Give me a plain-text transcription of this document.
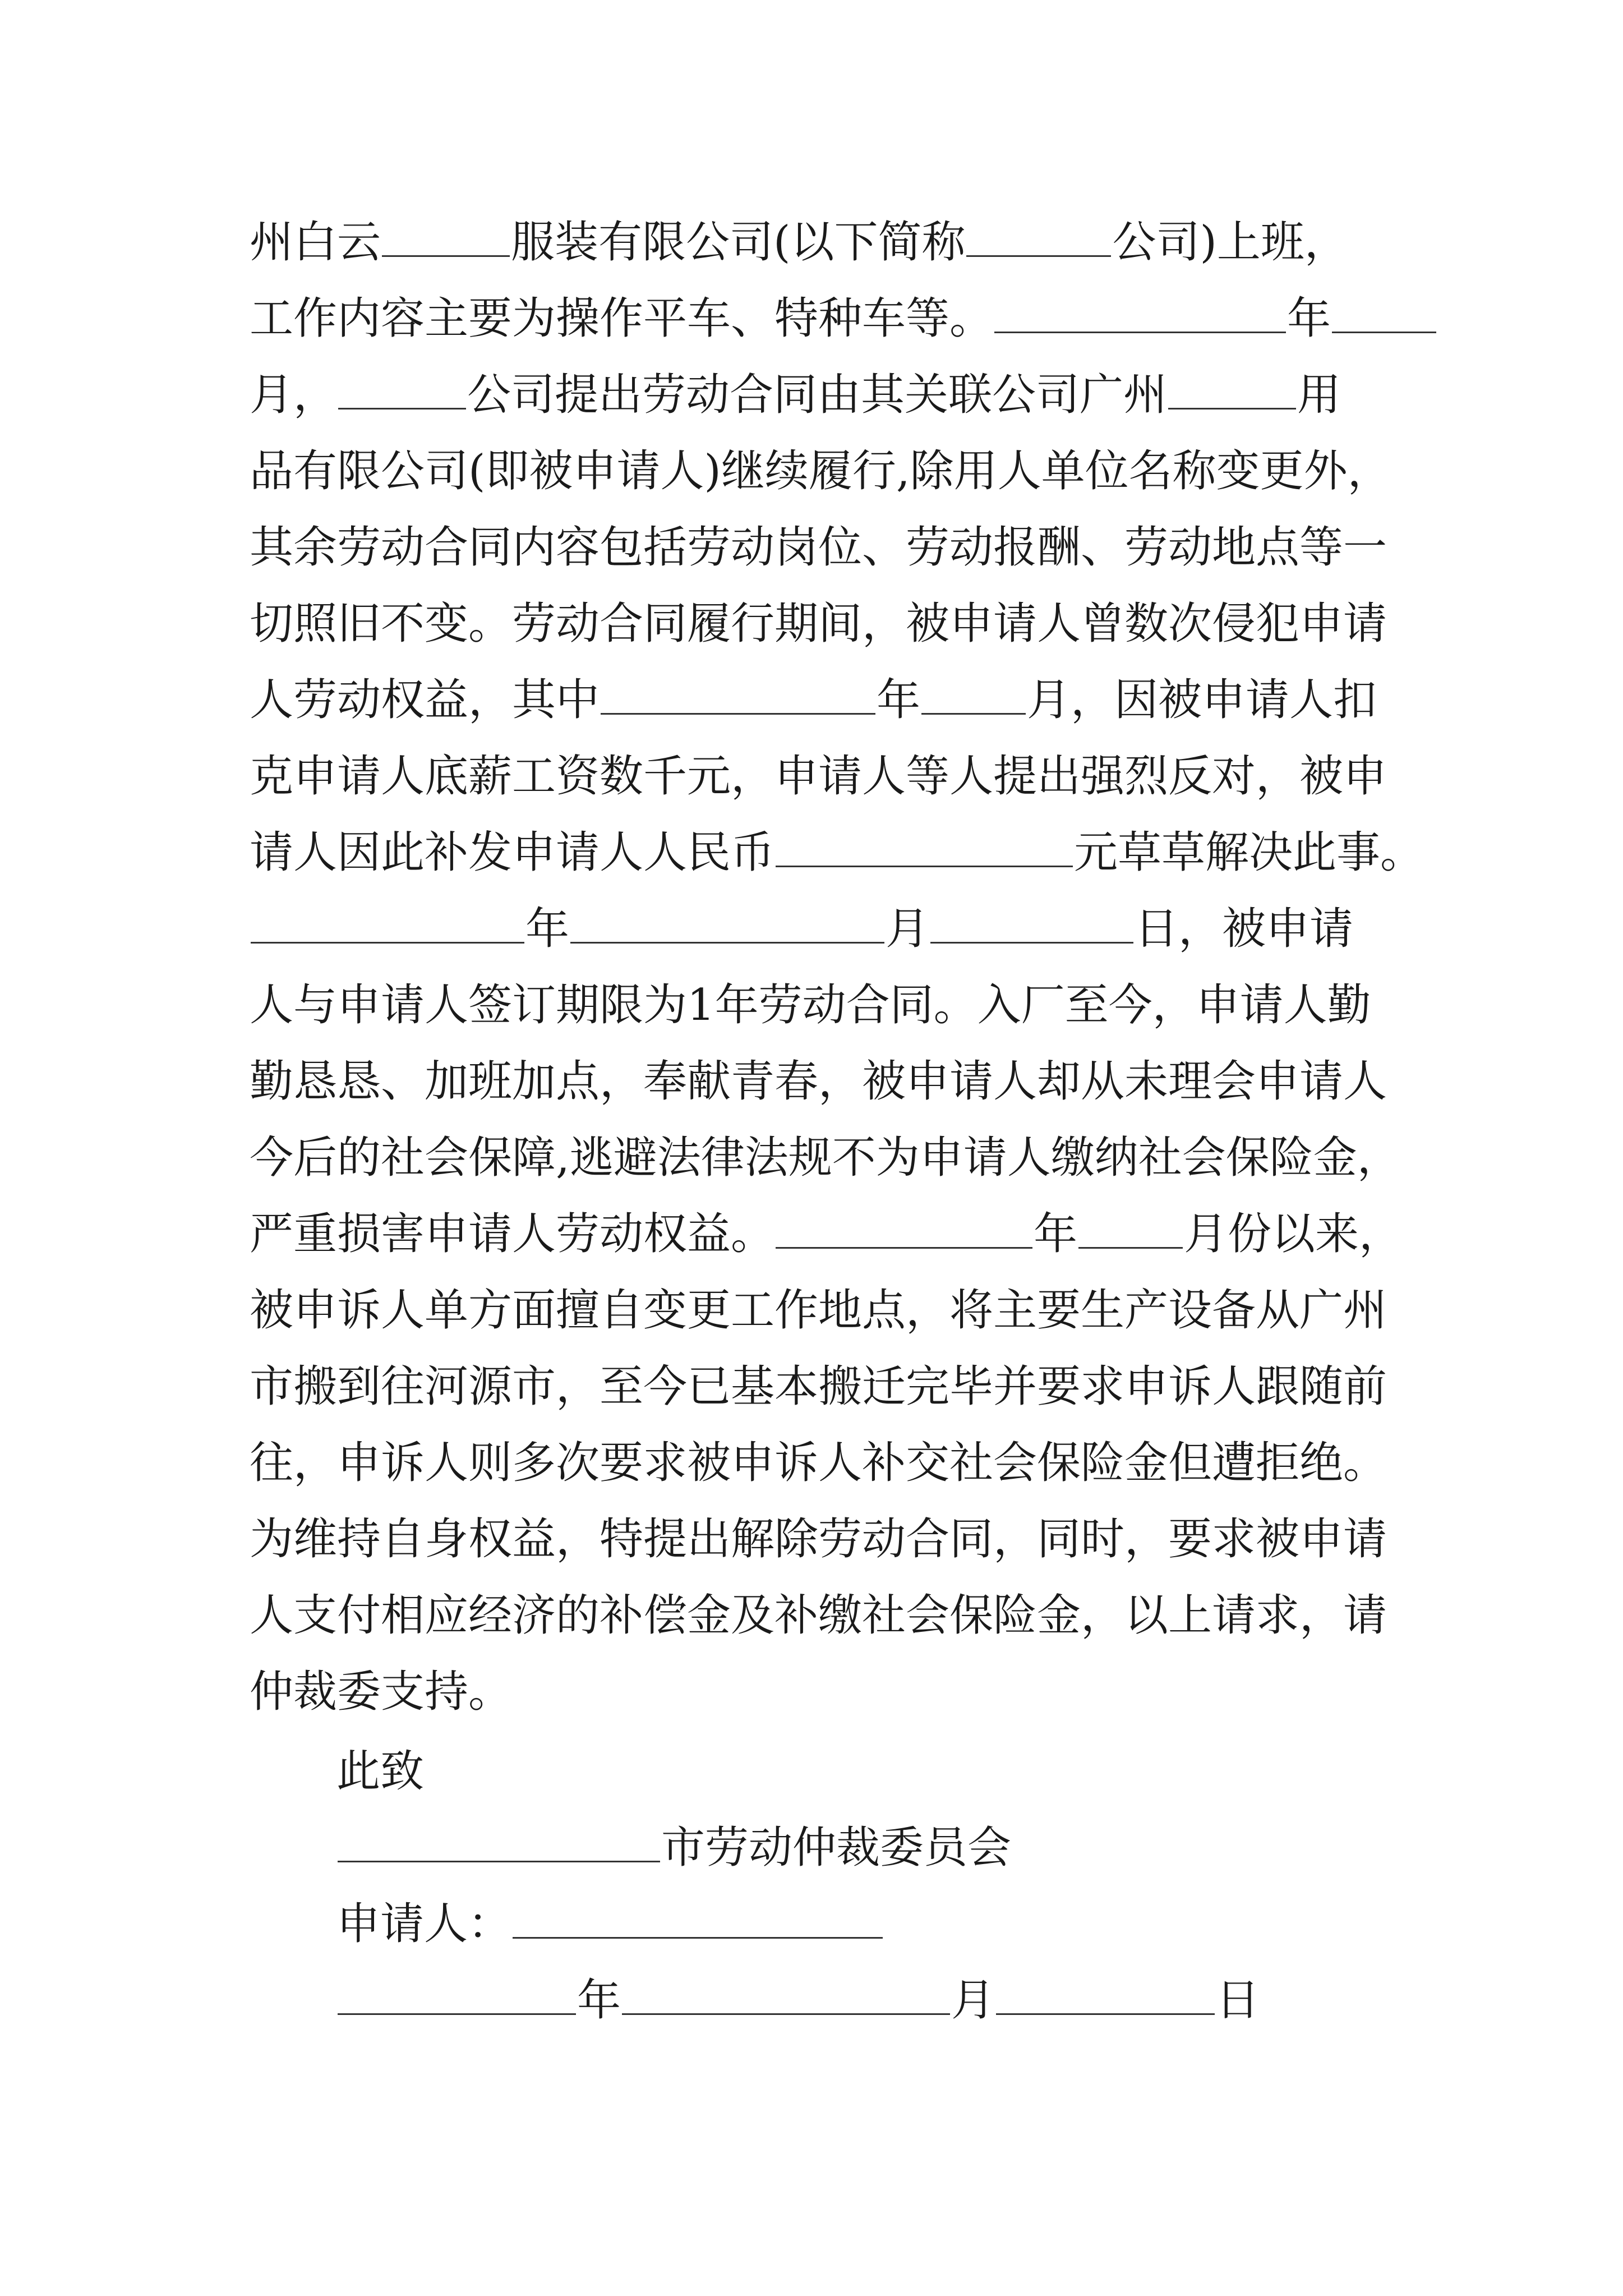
州白云	服装有限公司(以下简称	公司)上班，
工作内容主要为操作平车、特种车等。	年
月，	公司提出劳动合同由其关联公司广州	用
品有限公司(即被申请人)继续履行,除用人单位名称变更外，
其余劳动合同内容包括劳动岗位、劳动报酬、劳动地点等一
切照旧不变。劳动合同履行期间，被申请人曾数次侵犯申请
人劳动权益，其中	年 月，因被申请人扣
克申请人底薪工资数千元，申请人等人提出强烈反对，被申
请人因此补发申请人人民币	元草草解决此事。
年	月	日，被申请
人与申请人签订期限为1年劳动合同。入厂至今，申请人勤
勤恳恳、加班加点，奉献青春，被申请人却从未理会申请人
今后的社会保障,逃避法律法规不为申请人缴纳社会保险金，
严重损害申请人劳动权益。	年 月份以来，
被申诉人单方面擅自变更工作地点，将主要生产设备从广州
市搬到往河源市，至今已基本搬迁完毕并要求申诉人跟随前
往，申诉人则多次要求被申诉人补交社会保险金但遭拒绝。
为维持自身权益，特提出解除劳动合同，同时，要求被申请
人支付相应经济的补偿金及补缴社会保险金，以上请求，请
仲裁委支持。
此致
市劳动仲裁委员会
申请人：
年	月	日
